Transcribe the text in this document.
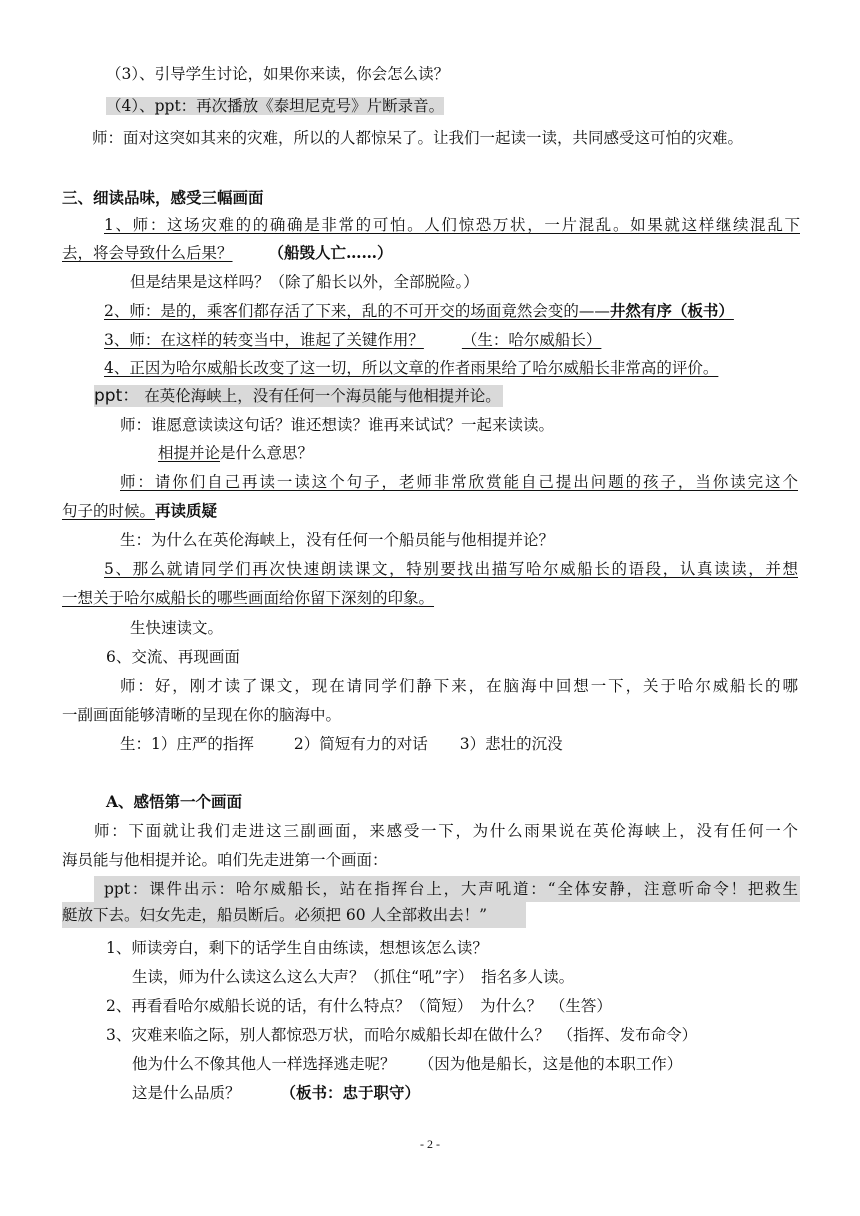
（3）、引导学生讨论，如果你来读，你会怎么读？
（4）、ppt：再次播放《泰坦尼克号》片断录音。
师：面对这突如其来的灾难，所以的人都惊呆了。让我们一起读一读，共同感受这可怕的灾难。
三、细读品味，感受三幅画面
1、师：这场灾难的的确确是非常的可怕。人们惊恐万状，一片混乱。如果就这样继续混乱下
去，将会导致什么后果？ （船毁人亡……）
但是结果是这样吗？（除了船长以外，全部脱险。）
2、师：是的，乘客们都存活了下来，乱的不可开交的场面竟然会变的——井然有序（板书）
3、师：在这样的转变当中，谁起了关键作用？ （生：哈尔威船长）
4、正因为哈尔威船长改变了这一切，所以文章的作者雨果给了哈尔威船长非常高的评价。
ppt： 在英伦海峡上，没有任何一个海员能与他相提并论。
师：谁愿意读读这句话？谁还想读？谁再来试试？一起来读读。
相提并论是什么意思？
师：请你们自己再读一读这个句子，老师非常欣赏能自己提出问题的孩子，当你读完这个
句子的时候。再读质疑
生：为什么在英伦海峡上，没有任何一个船员能与他相提并论？
5、那么就请同学们再次快速朗读课文，特别要找出描写哈尔威船长的语段，认真读读，并想
一想关于哈尔威船长的哪些画面给你留下深刻的印象。
生快速读文。
6、交流、再现画面
师：好，刚才读了课文，现在请同学们静下来，在脑海中回想一下，关于哈尔威船长的哪
一副画面能够清晰的呈现在你的脑海中。
生：1）庄严的指挥	2）简短有力的对话 3）悲壮的沉没
A、感悟第一个画面
师：下面就让我们走进这三副画面，来感受一下，为什么雨果说在英伦海峡上，没有任何一个
海员能与他相提并论。咱们先走进第一个画面：
ppt：课件出示：哈尔威船长，站在指挥台上，大声吼道：“全体安静，注意听命令！把救生
艇放下去。妇女先走，船员断后。必须把 60 人全部救出去！”
1、师读旁白，剩下的话学生自由练读，想想该怎么读？
生读，师为什么读这么这么大声？（抓住“吼”字）　指名多人读。
2、再看看哈尔威船长说的话，有什么特点？（简短）　为什么？　（生答）
3、灾难来临之际，别人都惊恐万状，而哈尔威船长却在做什么？　（指挥、发布命令）
他为什么不像其他人一样选择逃走呢？　　（因为他是船长，这是他的本职工作）
这是什么品质？	（板书：忠于职守）
- 2 -
